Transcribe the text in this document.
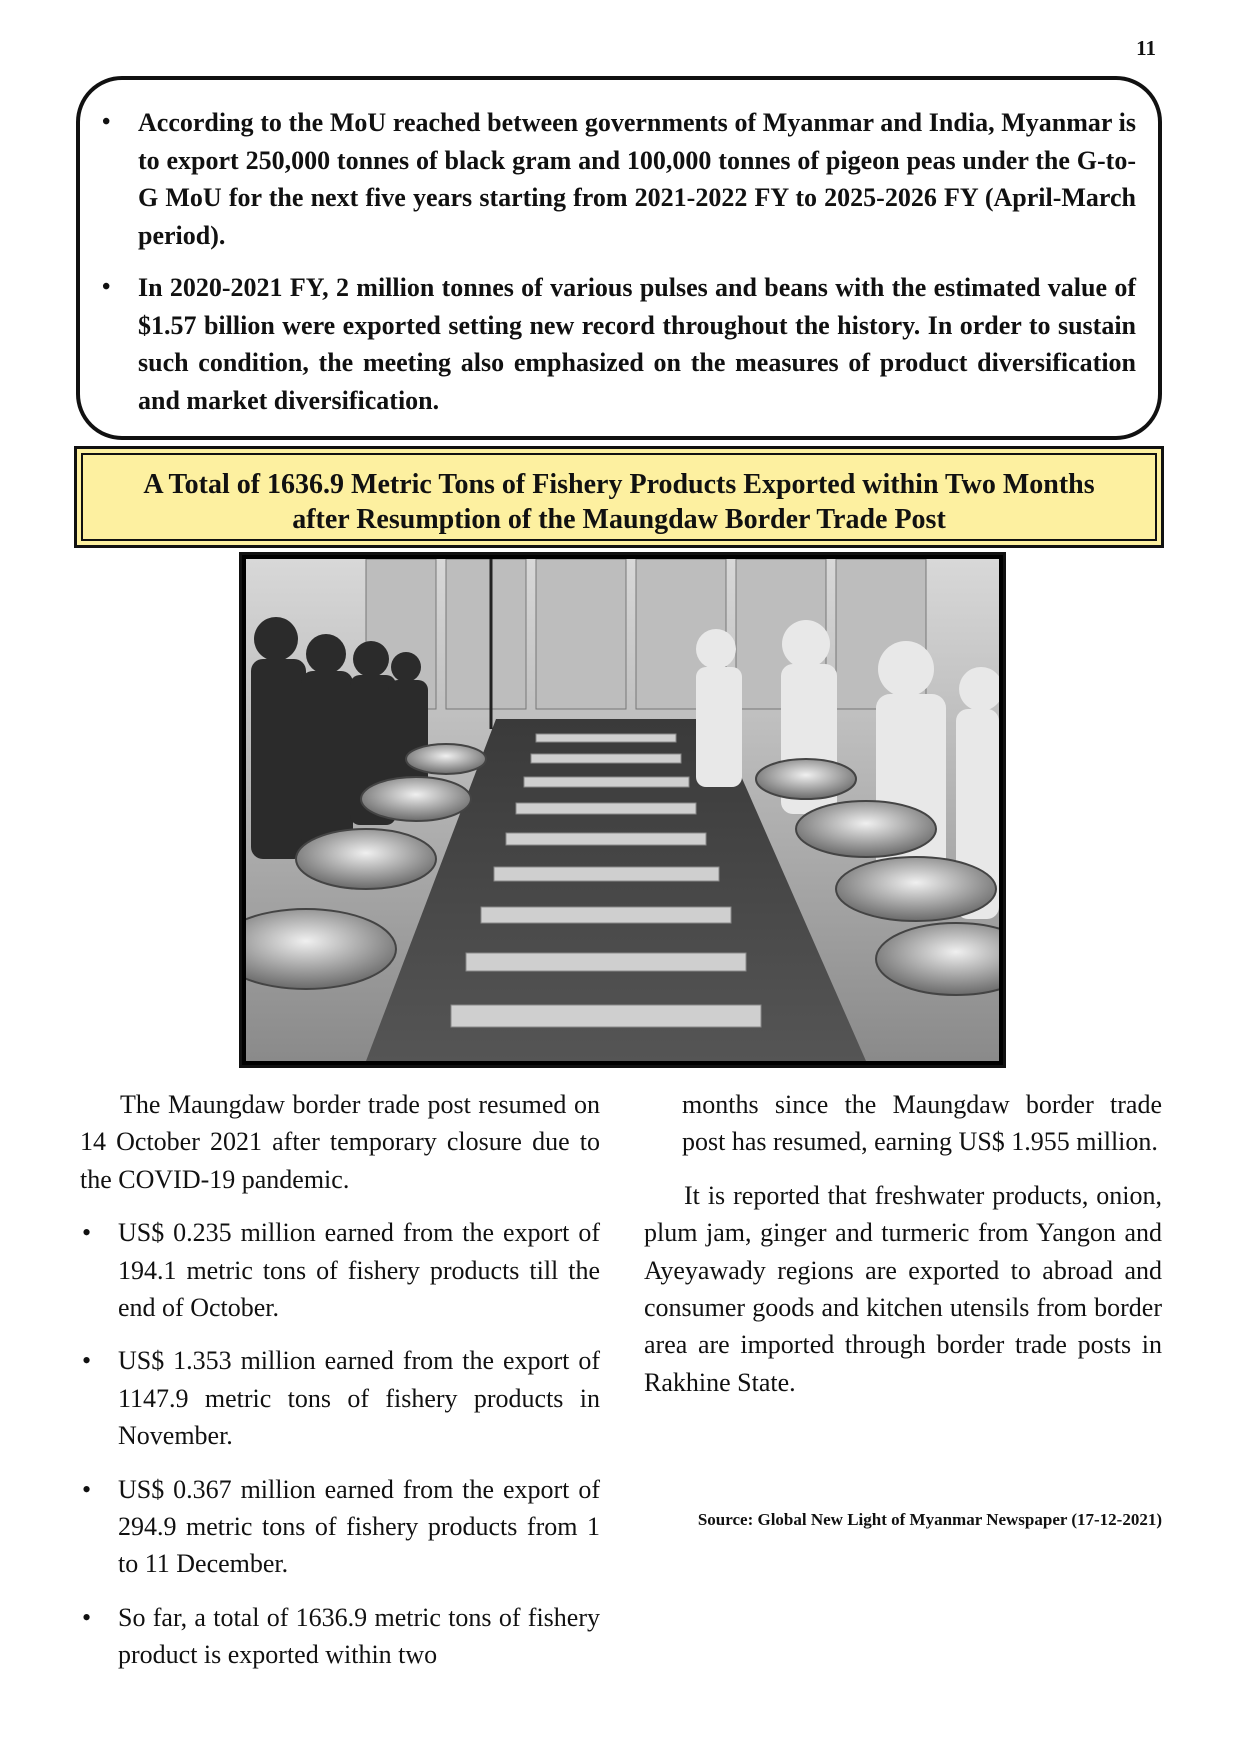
11
• According to the MoU reached between governments of Myanmar and India, Myanmar is to export 250,000 tonnes of black gram and 100,000 tonnes of pigeon peas under the G-to-G MoU for the next five years starting from 2021-2022 FY to 2025-2026 FY (April-March period).
• In 2020-2021 FY, 2 million tonnes of various pulses and beans with the estimated value of $1.57 billion were exported setting new record throughout the history. In order to sustain such condition, the meeting also emphasized on the measures of product diversification and market diversification.
A Total of 1636.9 Metric Tons of Fishery Products Exported within Two Months
after Resumption of the Maungdaw Border Trade Post

The Maungdaw border trade post resumed on 14 October 2021 after temporary closure due to the COVID-19 pandemic.

• US$ 0.235 million earned from the export of 194.1 metric tons of fishery products till the end of October.
• US$ 1.353 million earned from the export of 1147.9 metric tons of fishery products in November.
• US$ 0.367 million earned from the export of 294.9 metric tons of fishery products from 1 to 11 December.
• So far, a total of 1636.9 metric tons of fishery product is exported within two
months since the Maungdaw border trade post has resumed, earning US$ 1.955 million.

It is reported that freshwater products, onion, plum jam, ginger and turmeric from Yangon and Ayeyawady regions are exported to abroad and consumer goods and kitchen utensils from border area are imported through border trade posts in Rakhine State.

Source: Global New Light of Myanmar Newspaper (17-12-2021)
